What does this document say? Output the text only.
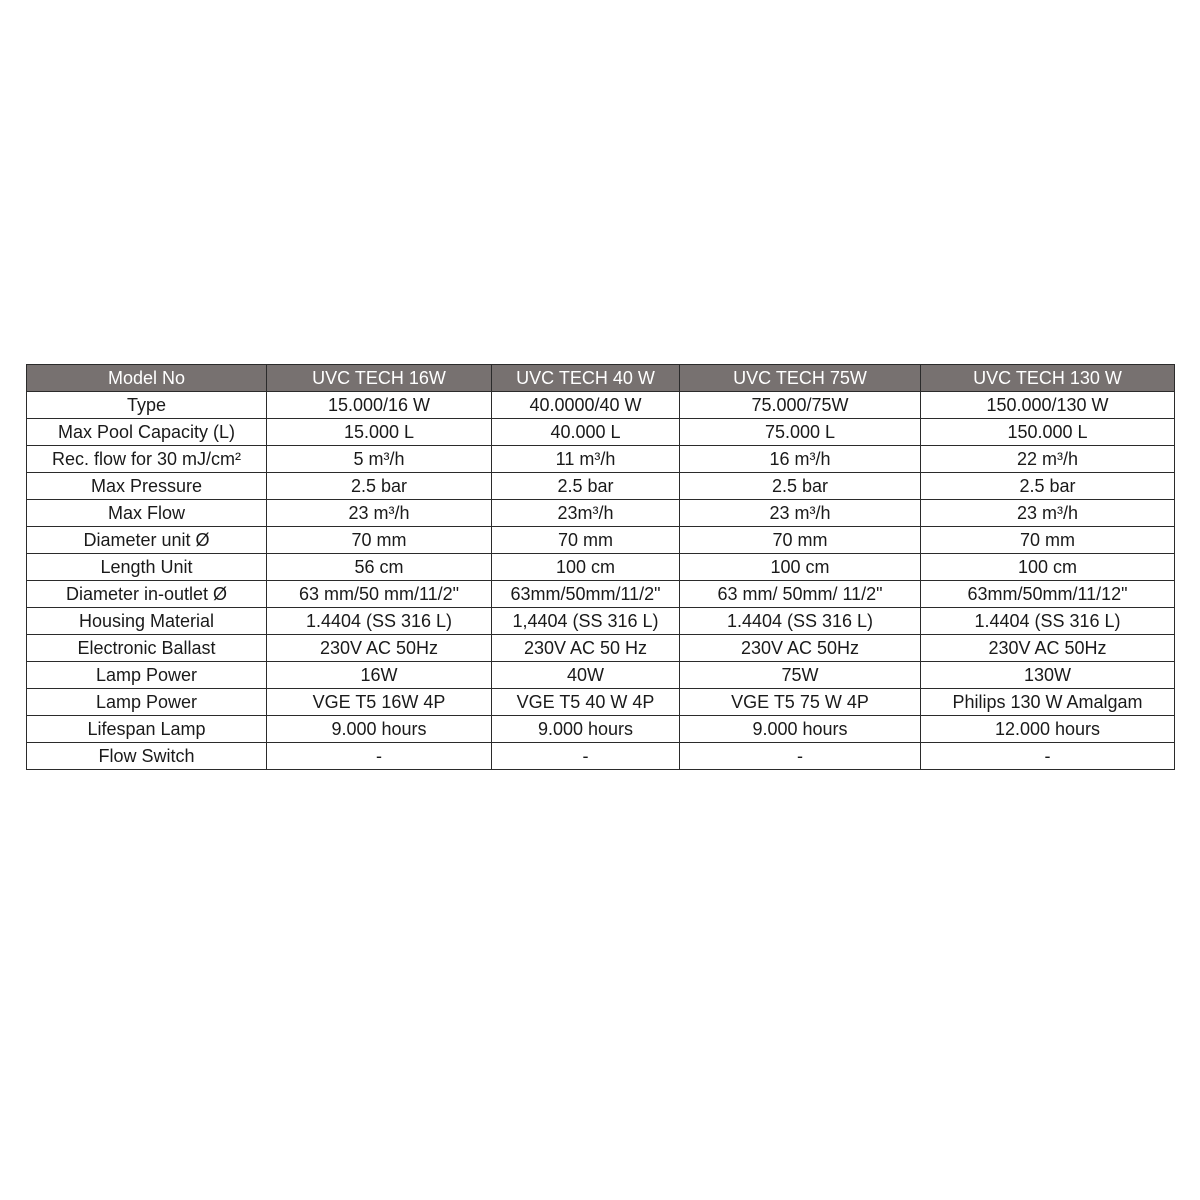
Model No	UVC TECH 16W	UVC TECH 40 W	UVC TECH 75W	UVC TECH 130 W
Type	15.000/16 W	40.0000/40 W	75.000/75W	150.000/130 W
Max Pool Capacity (L)	15.000 L	40.000 L	75.000 L	150.000 L
Rec. flow for 30 mJ/cm²	5 m³/h	11 m³/h	16 m³/h	22 m³/h
Max Pressure	2.5 bar	2.5 bar	2.5 bar	2.5 bar
Max Flow	23 m³/h	23m³/h	23 m³/h	23 m³/h
Diameter unit Ø	70 mm	70 mm	70 mm	70 mm
Length Unit	56 cm	100 cm	100 cm	100 cm
Diameter in-outlet Ø	63 mm/50 mm/11/2"	63mm/50mm/11/2"	63 mm/ 50mm/ 11/2"	63mm/50mm/11/12"
Housing Material	1.4404 (SS 316 L)	1,4404 (SS 316 L)	1.4404 (SS 316 L)	1.4404 (SS 316 L)
Electronic Ballast	230V AC 50Hz	230V AC 50 Hz	230V AC 50Hz	230V AC 50Hz
Lamp Power	16W	40W	75W	130W
Lamp Power	VGE T5 16W 4P	VGE T5 40 W 4P	VGE T5 75 W 4P	Philips 130 W Amalgam
Lifespan Lamp	9.000 hours	9.000 hours	9.000 hours	12.000 hours
Flow Switch	-	-	-	-
